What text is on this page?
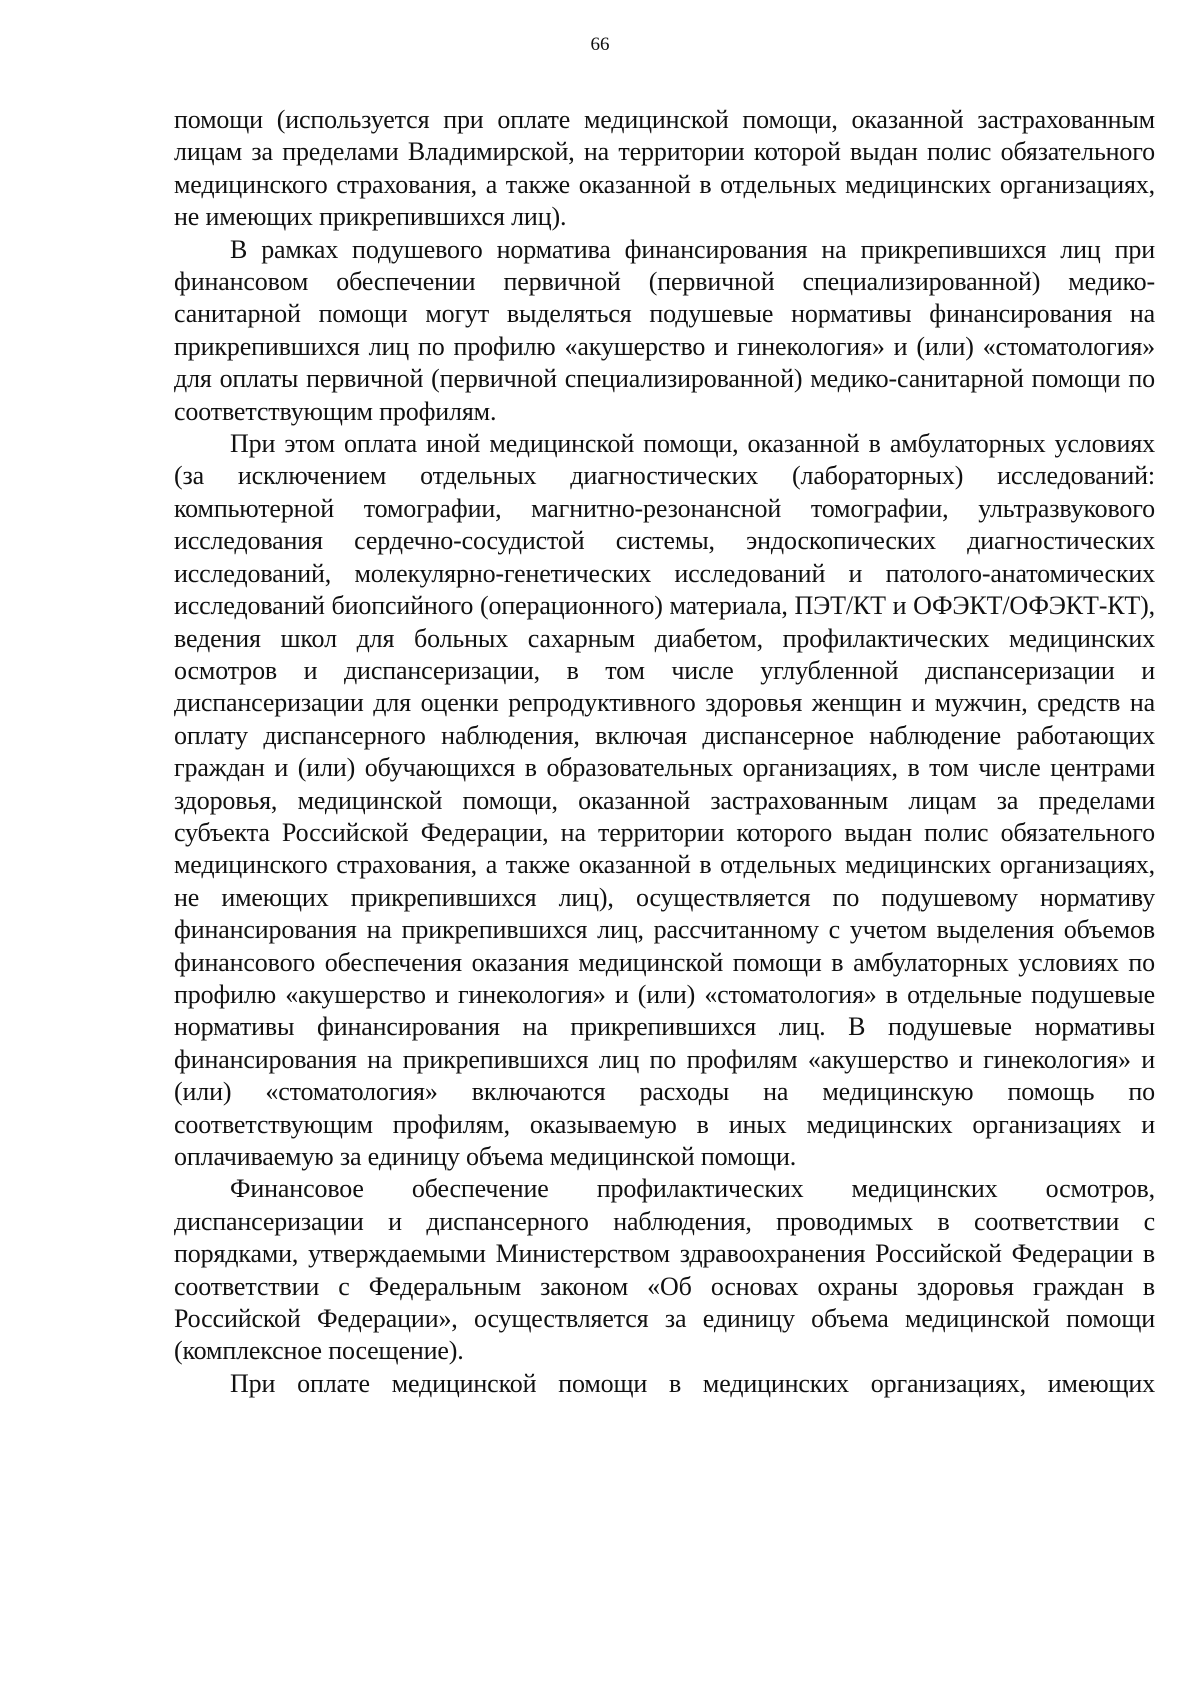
66

помощи (используется при оплате медицинской помощи, оказанной застрахованным лицам за пределами Владимирской, на территории которой выдан полис обязательного медицинского страхования, а также оказанной в отдельных медицинских организациях, не имеющих прикрепившихся лиц).

В рамках подушевого норматива финансирования на прикрепившихся лиц при финансовом обеспечении первичной (первичной специализированной) медико-санитарной помощи могут выделяться подушевые нормативы финансирования на прикрепившихся лиц по профилю «акушерство и гинекология» и (или) «стоматология» для оплаты первичной (первичной специализированной) медико-санитарной помощи по соответствующим профилям.

При этом оплата иной медицинской помощи, оказанной в амбулаторных условиях (за исключением отдельных диагностических (лабораторных) исследований: компьютерной томографии, магнитно-резонансной томографии, ультразвукового исследования сердечно-сосудистой системы, эндоскопических диагностических исследований, молекулярно-генетических исследований и патолого-анатомических исследований биопсийного (операционного) материала, ПЭТ/КТ и ОФЭКТ/ОФЭКТ-КТ), ведения школ для больных сахарным диабетом, профилактических медицинских осмотров и диспансеризации, в том числе углубленной диспансеризации и диспансеризации для оценки репродуктивного здоровья женщин и мужчин, средств на оплату диспансерного наблюдения, включая диспансерное наблюдение работающих граждан и (или) обучающихся в образовательных организациях, в том числе центрами здоровья, медицинской помощи, оказанной застрахованным лицам за пределами субъекта Российской Федерации, на территории которого выдан полис обязательного медицинского страхования, а также оказанной в отдельных медицинских организациях, не имеющих прикрепившихся лиц), осуществляется по подушевому нормативу финансирования на прикрепившихся лиц, рассчитанному с учетом выделения объемов финансового обеспечения оказания медицинской помощи в амбулаторных условиях по профилю «акушерство и гинекология» и (или) «стоматология» в отдельные подушевые нормативы финансирования на прикрепившихся лиц. В подушевые нормативы финансирования на прикрепившихся лиц по профилям «акушерство и гинекология» и (или) «стоматология» включаются расходы на медицинскую помощь по соответствующим профилям, оказываемую в иных медицинских организациях и оплачиваемую за единицу объема медицинской помощи.

Финансовое обеспечение профилактических медицинских осмотров, диспансеризации и диспансерного наблюдения, проводимых в соответствии с порядками, утверждаемыми Министерством здравоохранения Российской Федерации в соответствии с Федеральным законом «Об основах охраны здоровья граждан в Российской Федерации», осуществляется за единицу объема медицинской помощи (комплексное посещение).

При оплате медицинской помощи в медицинских организациях, имеющих
